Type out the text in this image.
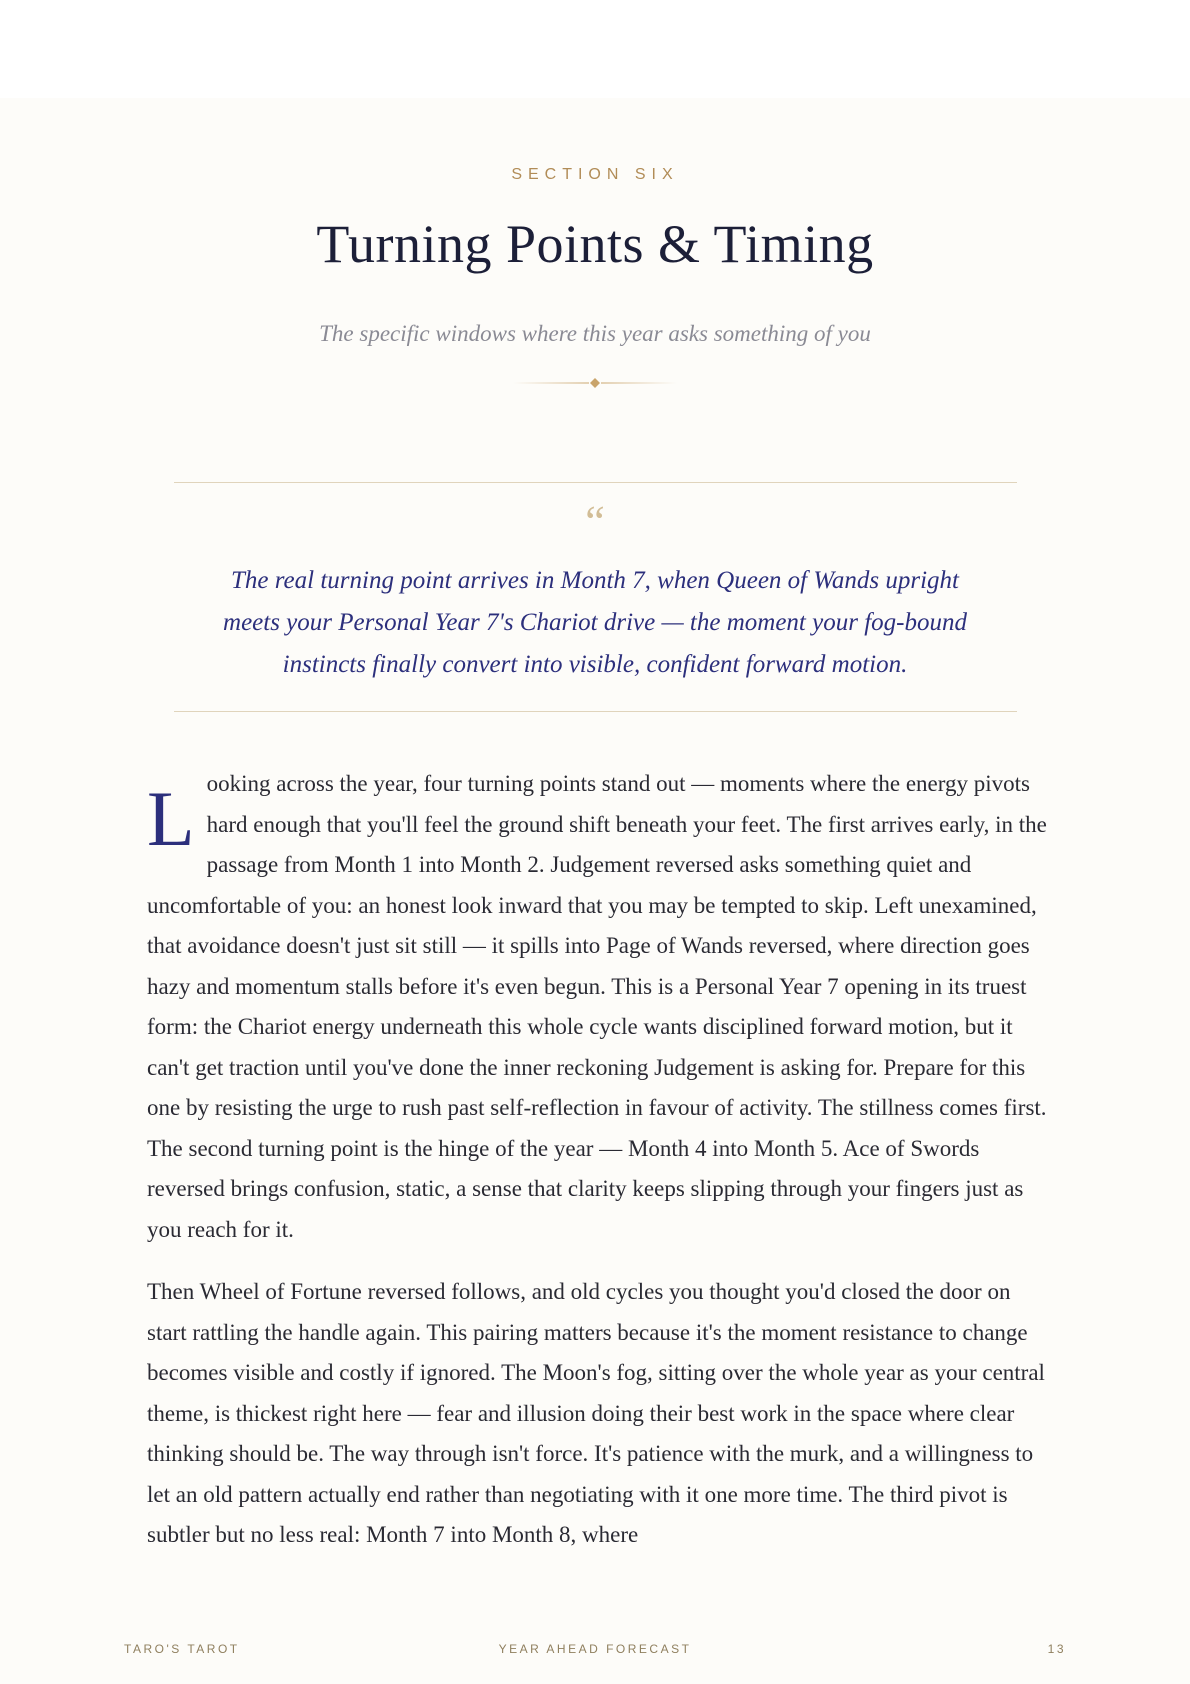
SECTION SIX
Turning Points & Timing
The specific windows where this year asks something of you
“

The real turning point arrives in Month 7, when Queen of Wands upright meets your Personal Year 7's Chariot drive — the moment your fog-bound instincts finally convert into visible, confident forward motion.

Looking across the year, four turning points stand out — moments where the energy pivots hard enough that you'll feel the ground shift beneath your feet. The first arrives early, in the passage from Month 1 into Month 2. Judgement reversed asks something quiet and uncomfortable of you: an honest look inward that you may be tempted to skip. Left unexamined, that avoidance doesn't just sit still — it spills into Page of Wands reversed, where direction goes hazy and momentum stalls before it's even begun. This is a Personal Year 7 opening in its truest form: the Chariot energy underneath this whole cycle wants disciplined forward motion, but it can't get traction until you've done the inner reckoning Judgement is asking for. Prepare for this one by resisting the urge to rush past self-reflection in favour of activity. The stillness comes first. The second turning point is the hinge of the year — Month 4 into Month 5. Ace of Swords reversed brings confusion, static, a sense that clarity keeps slipping through your fingers just as you reach for it.

Then Wheel of Fortune reversed follows, and old cycles you thought you'd closed the door on start rattling the handle again. This pairing matters because it's the moment resistance to change becomes visible and costly if ignored. The Moon's fog, sitting over the whole year as your central theme, is thickest right here — fear and illusion doing their best work in the space where clear thinking should be. The way through isn't force. It's patience with the murk, and a willingness to let an old pattern actually end rather than negotiating with it one more time. The third pivot is subtler but no less real: Month 7 into Month 8, where

TARO'S TAROT	YEAR AHEAD FORECAST	13
